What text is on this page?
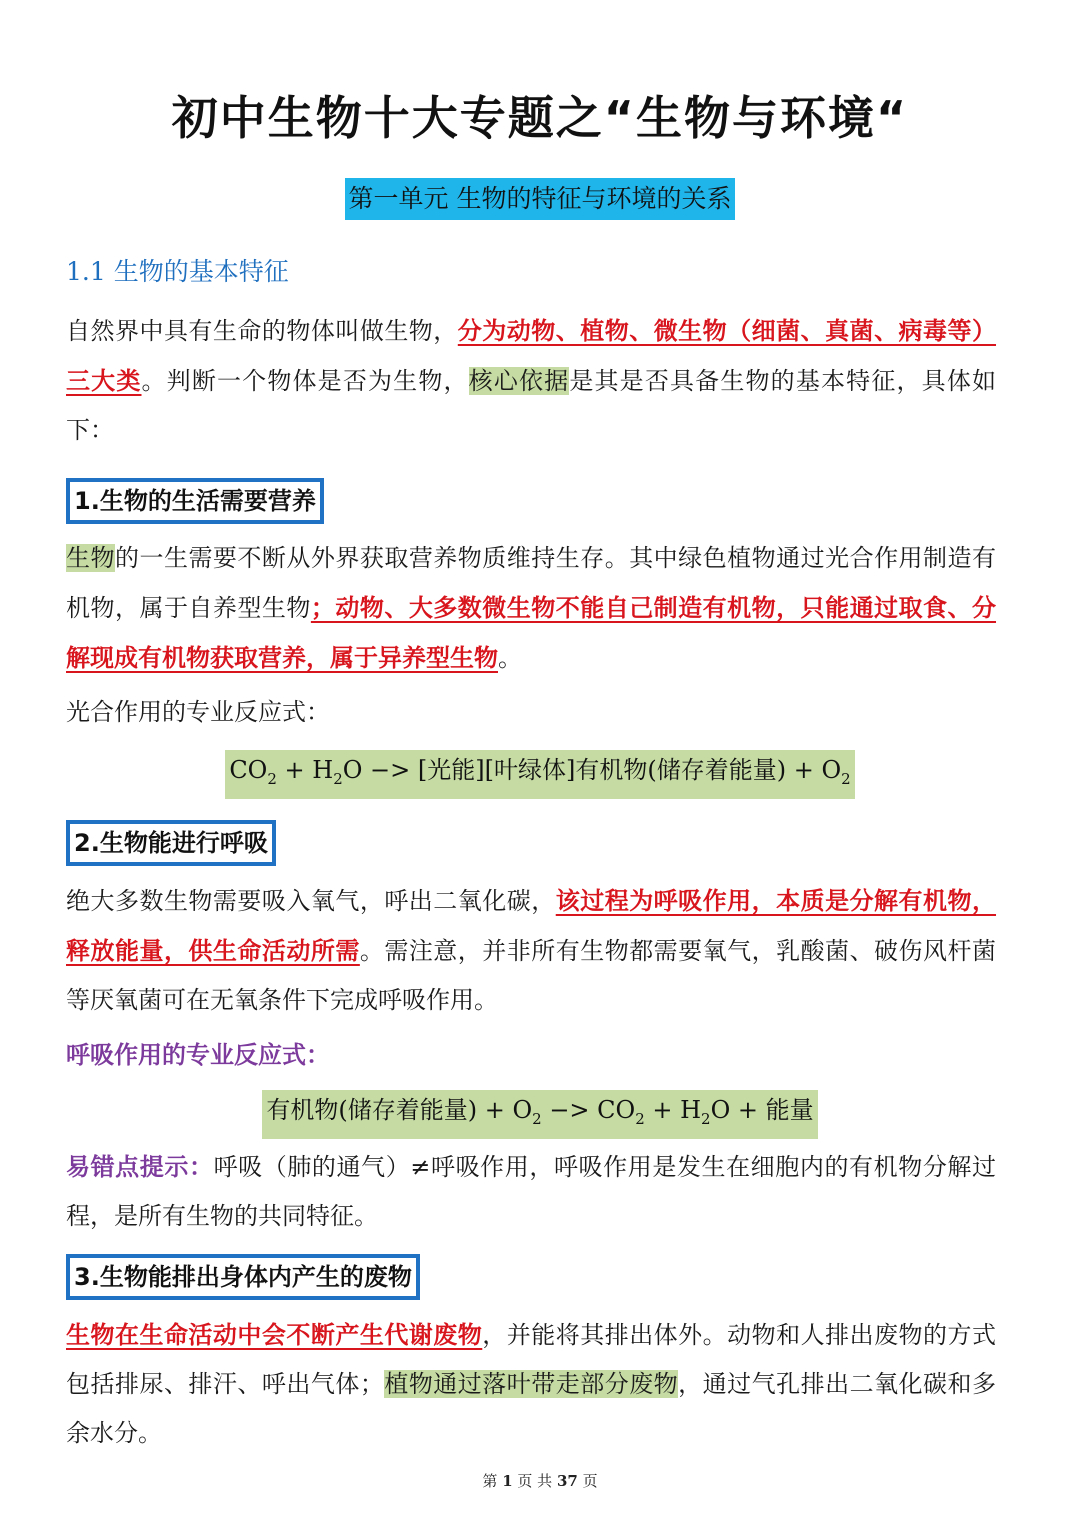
初中生物十大专题之“生物与环境“
第一单元 生物的特征与环境的关系
1.1 生物的基本特征
自然界中具有生命的物体叫做生物，分为动物、植物、微生物（细菌、真菌、病毒等）三大类。判断一个物体是否为生物，核心依据是其是否具备生物的基本特征，具体如下：
1.生物的生活需要营养
生物的一生需要不断从外界获取营养物质维持生存。其中绿色植物通过光合作用制造有机物，属于自养型生物；动物、大多数微生物不能自己制造有机物，只能通过取食、分解现成有机物获取营养，属于异养型生物。
光合作用的专业反应式：
$CO_2 + H_2O$ −> [光能][叶绿体]有机物(储存着能量) + $O_2$
2.生物能进行呼吸
绝大多数生物需要吸入氧气，呼出二氧化碳，该过程为呼吸作用，本质是分解有机物，释放能量，供生命活动所需。需注意，并非所有生物都需要氧气，乳酸菌、破伤风杆菌等厌氧菌可在无氧条件下完成呼吸作用。
呼吸作用的专业反应式：
有机物(储存着能量) + $O_2 -> CO_2 + H_2O$ + 能量
易错点提示：呼吸（肺的通气）≠呼吸作用，呼吸作用是发生在细胞内的有机物分解过程，是所有生物的共同特征。
3.生物能排出身体内产生的废物
生物在生命活动中会不断产生代谢废物，并能将其排出体外。动物和人排出废物的方式包括排尿、排汗、呼出气体；植物通过落叶带走部分废物，通过气孔排出二氧化碳和多余水分。
第 1 页 共 37 页
